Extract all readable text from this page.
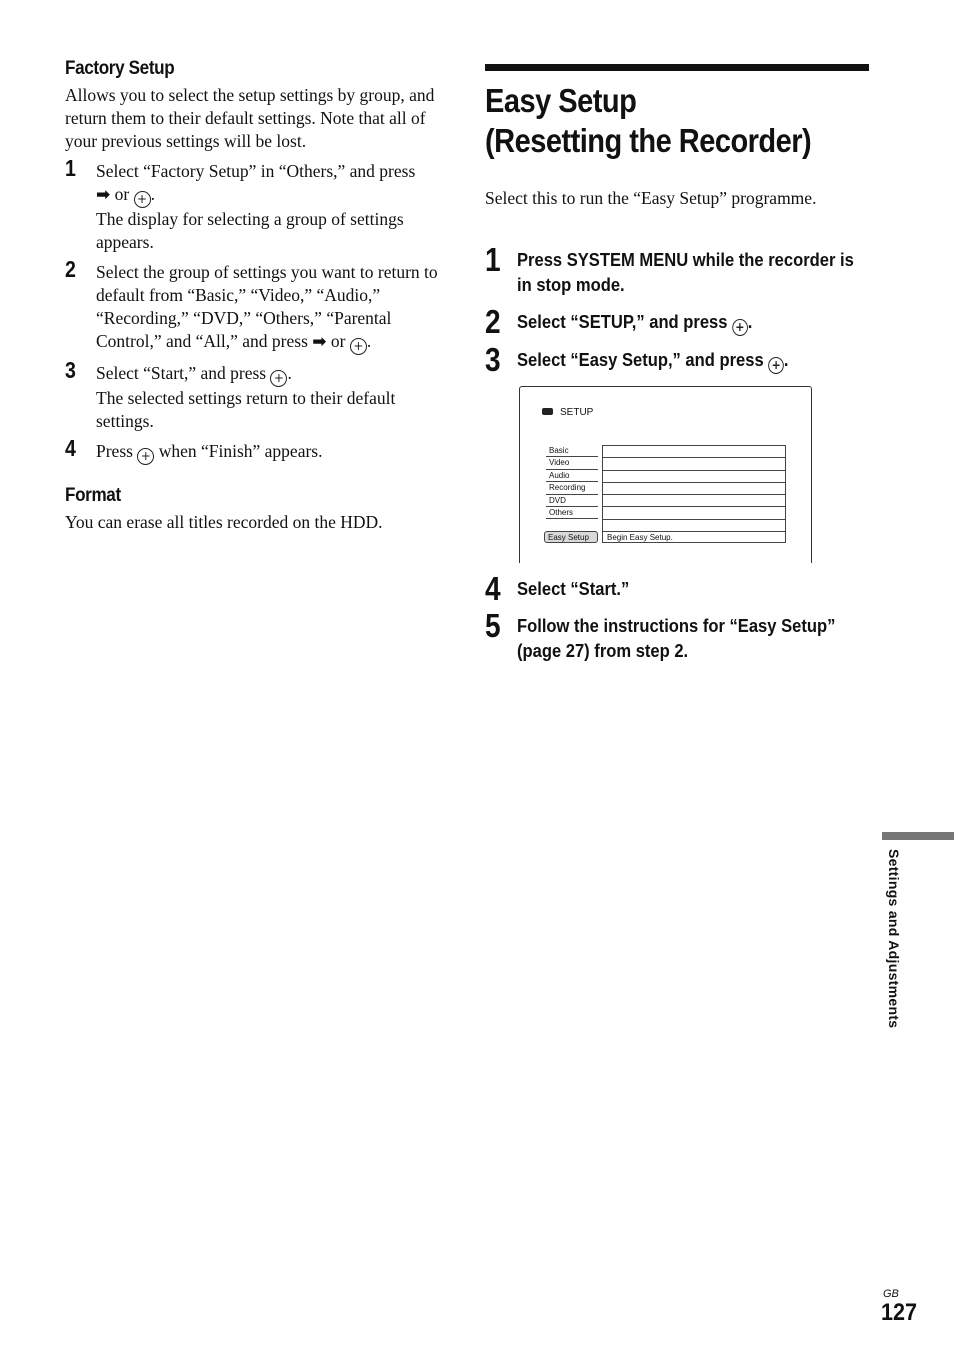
Factory Setup

Allows you to select the setup settings by group, and return them to their default settings. Note that all of your previous settings will be lost.

1 Select “Factory Setup” in “Others,” and press
➡ or + .
The display for selecting a group of settings appears.
2 Select the group of settings you want to return to default from “Basic,” “Video,” “Audio,” “Recording,” “DVD,” “Others,” “Parental Control,” and “All,” and press ➡ or + .
3 Select “Start,” and press + .
The selected settings return to their default settings.
4 Press + when “Finish” appears.
Format

You can erase all titles recorded on the HDD.

Easy Setup
(Resetting the Recorder)
Select this to run the “Easy Setup” programme.
1 Press SYSTEM MENU while the recorder is
in stop mode.
2 Select “SETUP,” and press + .
3 Select “Easy Setup,” and press + .
SETUP
Basic
Video
Audio
Recording
DVD
Others
Easy Setup	Begin Easy Setup.
4 Select “Start.”
5 Follow the instructions for “Easy Setup”
(page 27) from step 2.
Settings and Adjustments
GB
127
